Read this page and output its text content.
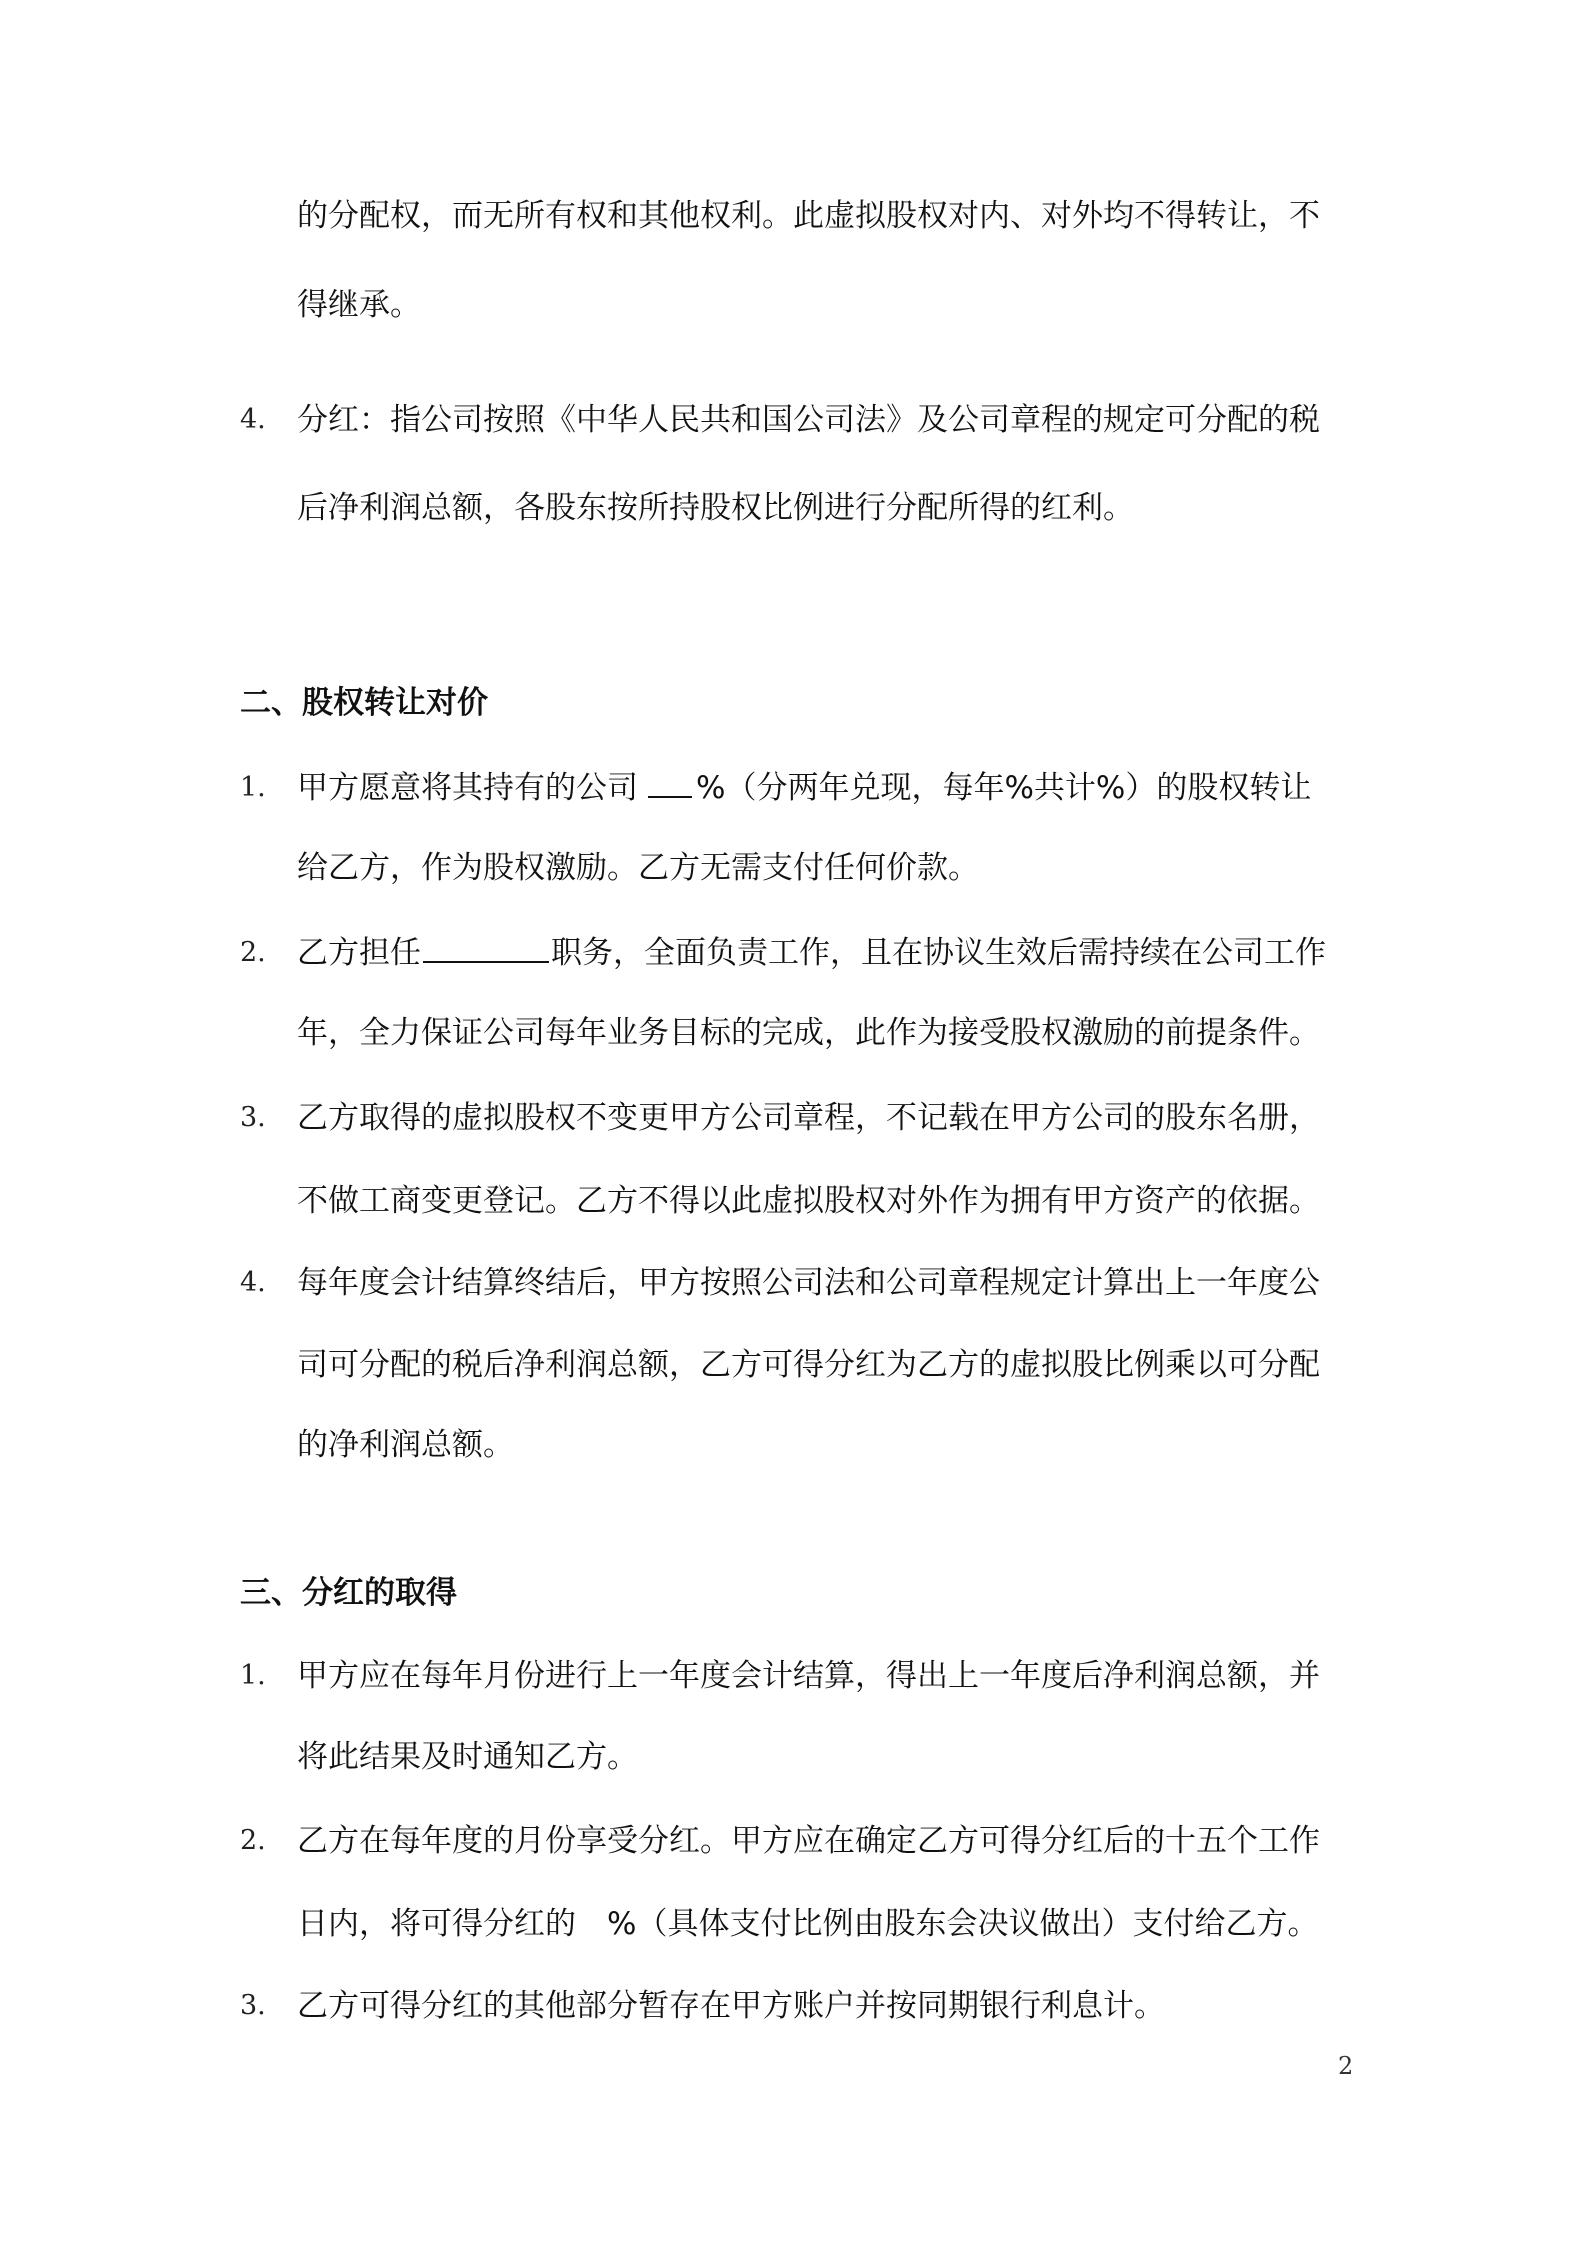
的分配权，而无所有权和其他权利。此虚拟股权对内、对外均不得转让，不
得继承。
4. 分红：指公司按照《中华人民共和国公司法》及公司章程的规定可分配的税
后净利润总额，各股东按所持股权比例进行分配所得的红利。
二、股权转让对价
1. 甲方愿意将其持有的公司 %（分两年兑现，每年%共计%）的股权转让
给乙方，作为股权激励。乙方无需支付任何价款。
2. 乙方担任	职务，全面负责工作，且在协议生效后需持续在公司工作
年，全力保证公司每年业务目标的完成，此作为接受股权激励的前提条件。
3. 乙方取得的虚拟股权不变更甲方公司章程，不记载在甲方公司的股东名册，
不做工商变更登记。乙方不得以此虚拟股权对外作为拥有甲方资产的依据。
4. 每年度会计结算终结后，甲方按照公司法和公司章程规定计算出上一年度公
司可分配的税后净利润总额，乙方可得分红为乙方的虚拟股比例乘以可分配
的净利润总额。
三、分红的取得
1. 甲方应在每年月份进行上一年度会计结算，得出上一年度后净利润总额，并
将此结果及时通知乙方。
2. 乙方在每年度的月份享受分红。甲方应在确定乙方可得分红后的十五个工作
日内，将可得分红的　%（具体支付比例由股东会决议做出）支付给乙方。
3. 乙方可得分红的其他部分暂存在甲方账户并按同期银行利息计。
2
